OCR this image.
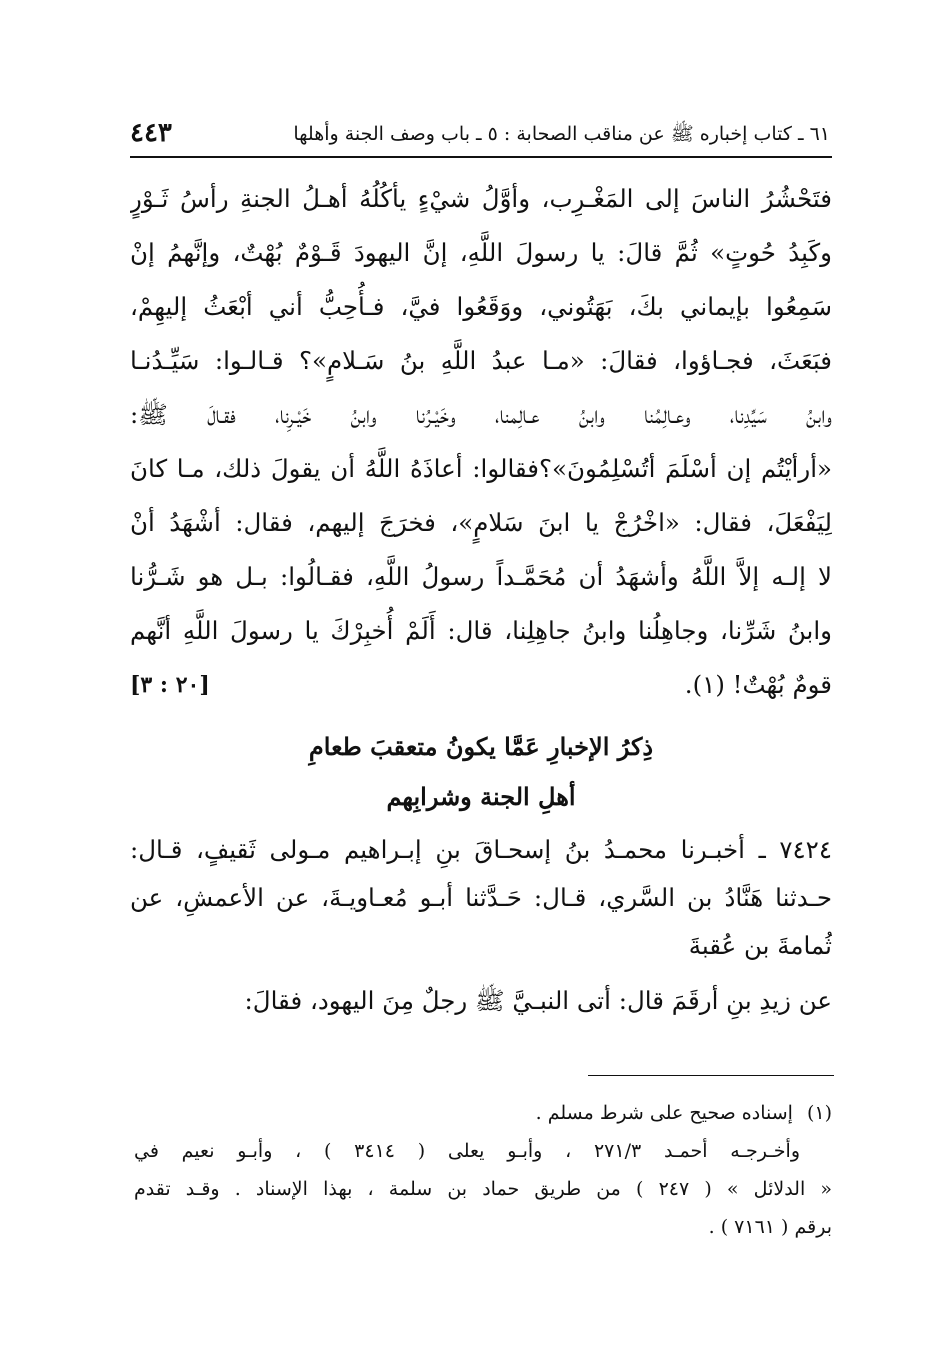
٦١ ـ كتاب إخباره ﷺ عن مناقب الصحابة : ٥ ـ باب وصف الجنة وأهلها
٤٤٣
فتَحْشُرُ الناسَ إلى المَغْـرِب، وأوَّلُ شيْءٍ يأكُلُهُ أهـلُ الجنةِ رأسُ ثَـوْرٍ
وكَبِدُ حُوتٍ» ثُمَّ قالَ: يا رسولَ اللَّهِ، إنَّ اليهودَ قَـوْمٌ بُهْتٌ، وإنَّهمُ إنْ
سَمِعُوا بإيماني بكَ، بَهَتُوني، ووَقَعُوا فيَّ، فـأُحِبُّ أني أبْعَثُ إليهِمْ،
فبَعَثَ، فجـاؤوا، فقالَ: «مـا عبدُ اللَّهِ بنُ سَـلامٍ»؟ قـالـوا: سَيِّـدُنـا
وابنُ سَيِّدِنا، وعـالِمُنا وابنُ عـالِمنا، وخَيْـرُنا وابنُ خَيْـرِنا، فقـالَ ﷺ:
«أرأيْتُم إن أسْلَمَ أتُسْلِمُونَ»؟فقالوا: أعاذَهُ اللَّهُ أن يقولَ ذلك، مـا كانَ
لِيَفْعَلَ، فقال: «اخْرُجْ يا ابنَ سَلامٍ»، فخرَجَ إليهم، فقال: أشْهَدُ أنْ
لا إلـه إلاَّ اللَّهُ وأشهَدُ أن مُحَمَّـداً رسولُ اللَّهِ، فقـالُوا: بـل هو شَـرُّنا
وابنُ شَرِّنا، وجاهِلُنا وابنُ جاهِلِنا، قال: أَلَمْ أُخبِرْكَ يا رسولَ اللَّهِ أنَّهم
قومٌ بُهْتٌ! (١).
[٢٠ : ٣]
ذِكرُ الإخبارِ عَمَّا يكونُ متعقبَ طعامِ
أهلِ الجنة وشرابِهم
٧٤٢٤ ـ أخبـرنا محمـدُ بنُ إسحـاقَ بنِ إبـراهيم مـولى ثَقيفٍ، قـال:
حـدثنا هَنَّادُ بن السَّري، قـال: حَـدَّثنا أبـو مُعـاويـةَ، عن الأعمشِ، عن
ثُمامةَ بن عُقبةَ
عن زيدِ بنِ أرقَمَ قال: أتى النبـيَّ ﷺ رجلٌ مِنَ اليهود، فقالَ:
(١)إسناده صحيح على شرط مسلم .
وأخـرجـه أحمـد ٢٧١/٣ ، وأبـو يعلى ( ٣٤١٤ ) ، وأبـو نعيم في
« الدلائل » ( ٢٤٧ ) من طريق حماد بن سلمة ، بهذا الإسناد . وقـد تقدم
برقم ( ٧١٦١ ) .
